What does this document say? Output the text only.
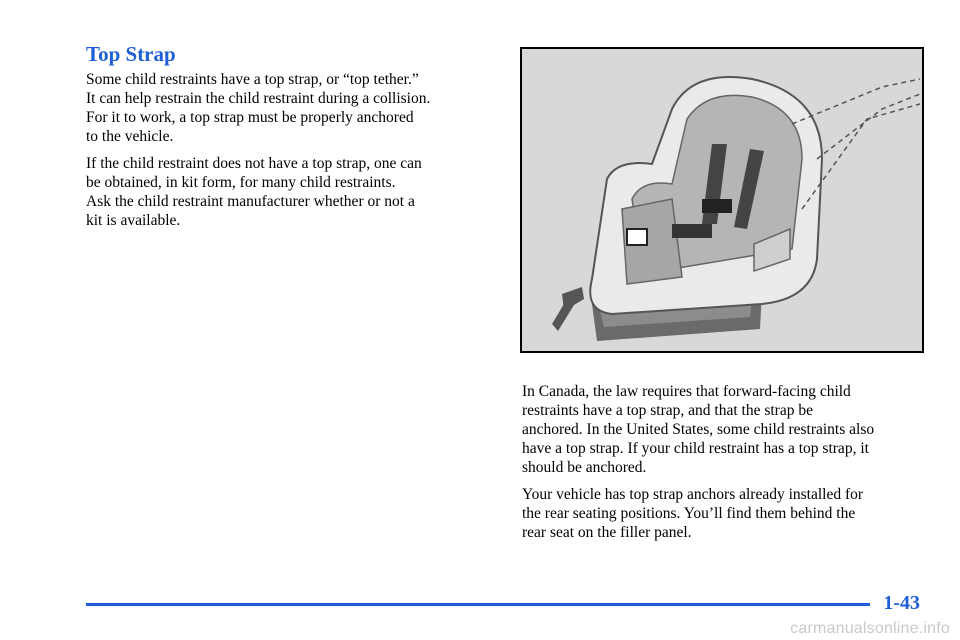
Top Strap

Some child restraints have a top strap, or “top tether.”
It can help restrain the child restraint during a collision.
For it to work, a top strap must be properly anchored
to the vehicle.

If the child restraint does not have a top strap, one can
be obtained, in kit form, for many child restraints.
Ask the child restraint manufacturer whether or not a
kit is available.

In Canada, the law requires that forward-facing child
restraints have a top strap, and that the strap be
anchored. In the United States, some child restraints also
have a top strap. If your child restraint has a top strap, it
should be anchored.

Your vehicle has top strap anchors already installed for
the rear seating positions. You’ll find them behind the
rear seat on the filler panel.

1-43
carmanualsonline.info
